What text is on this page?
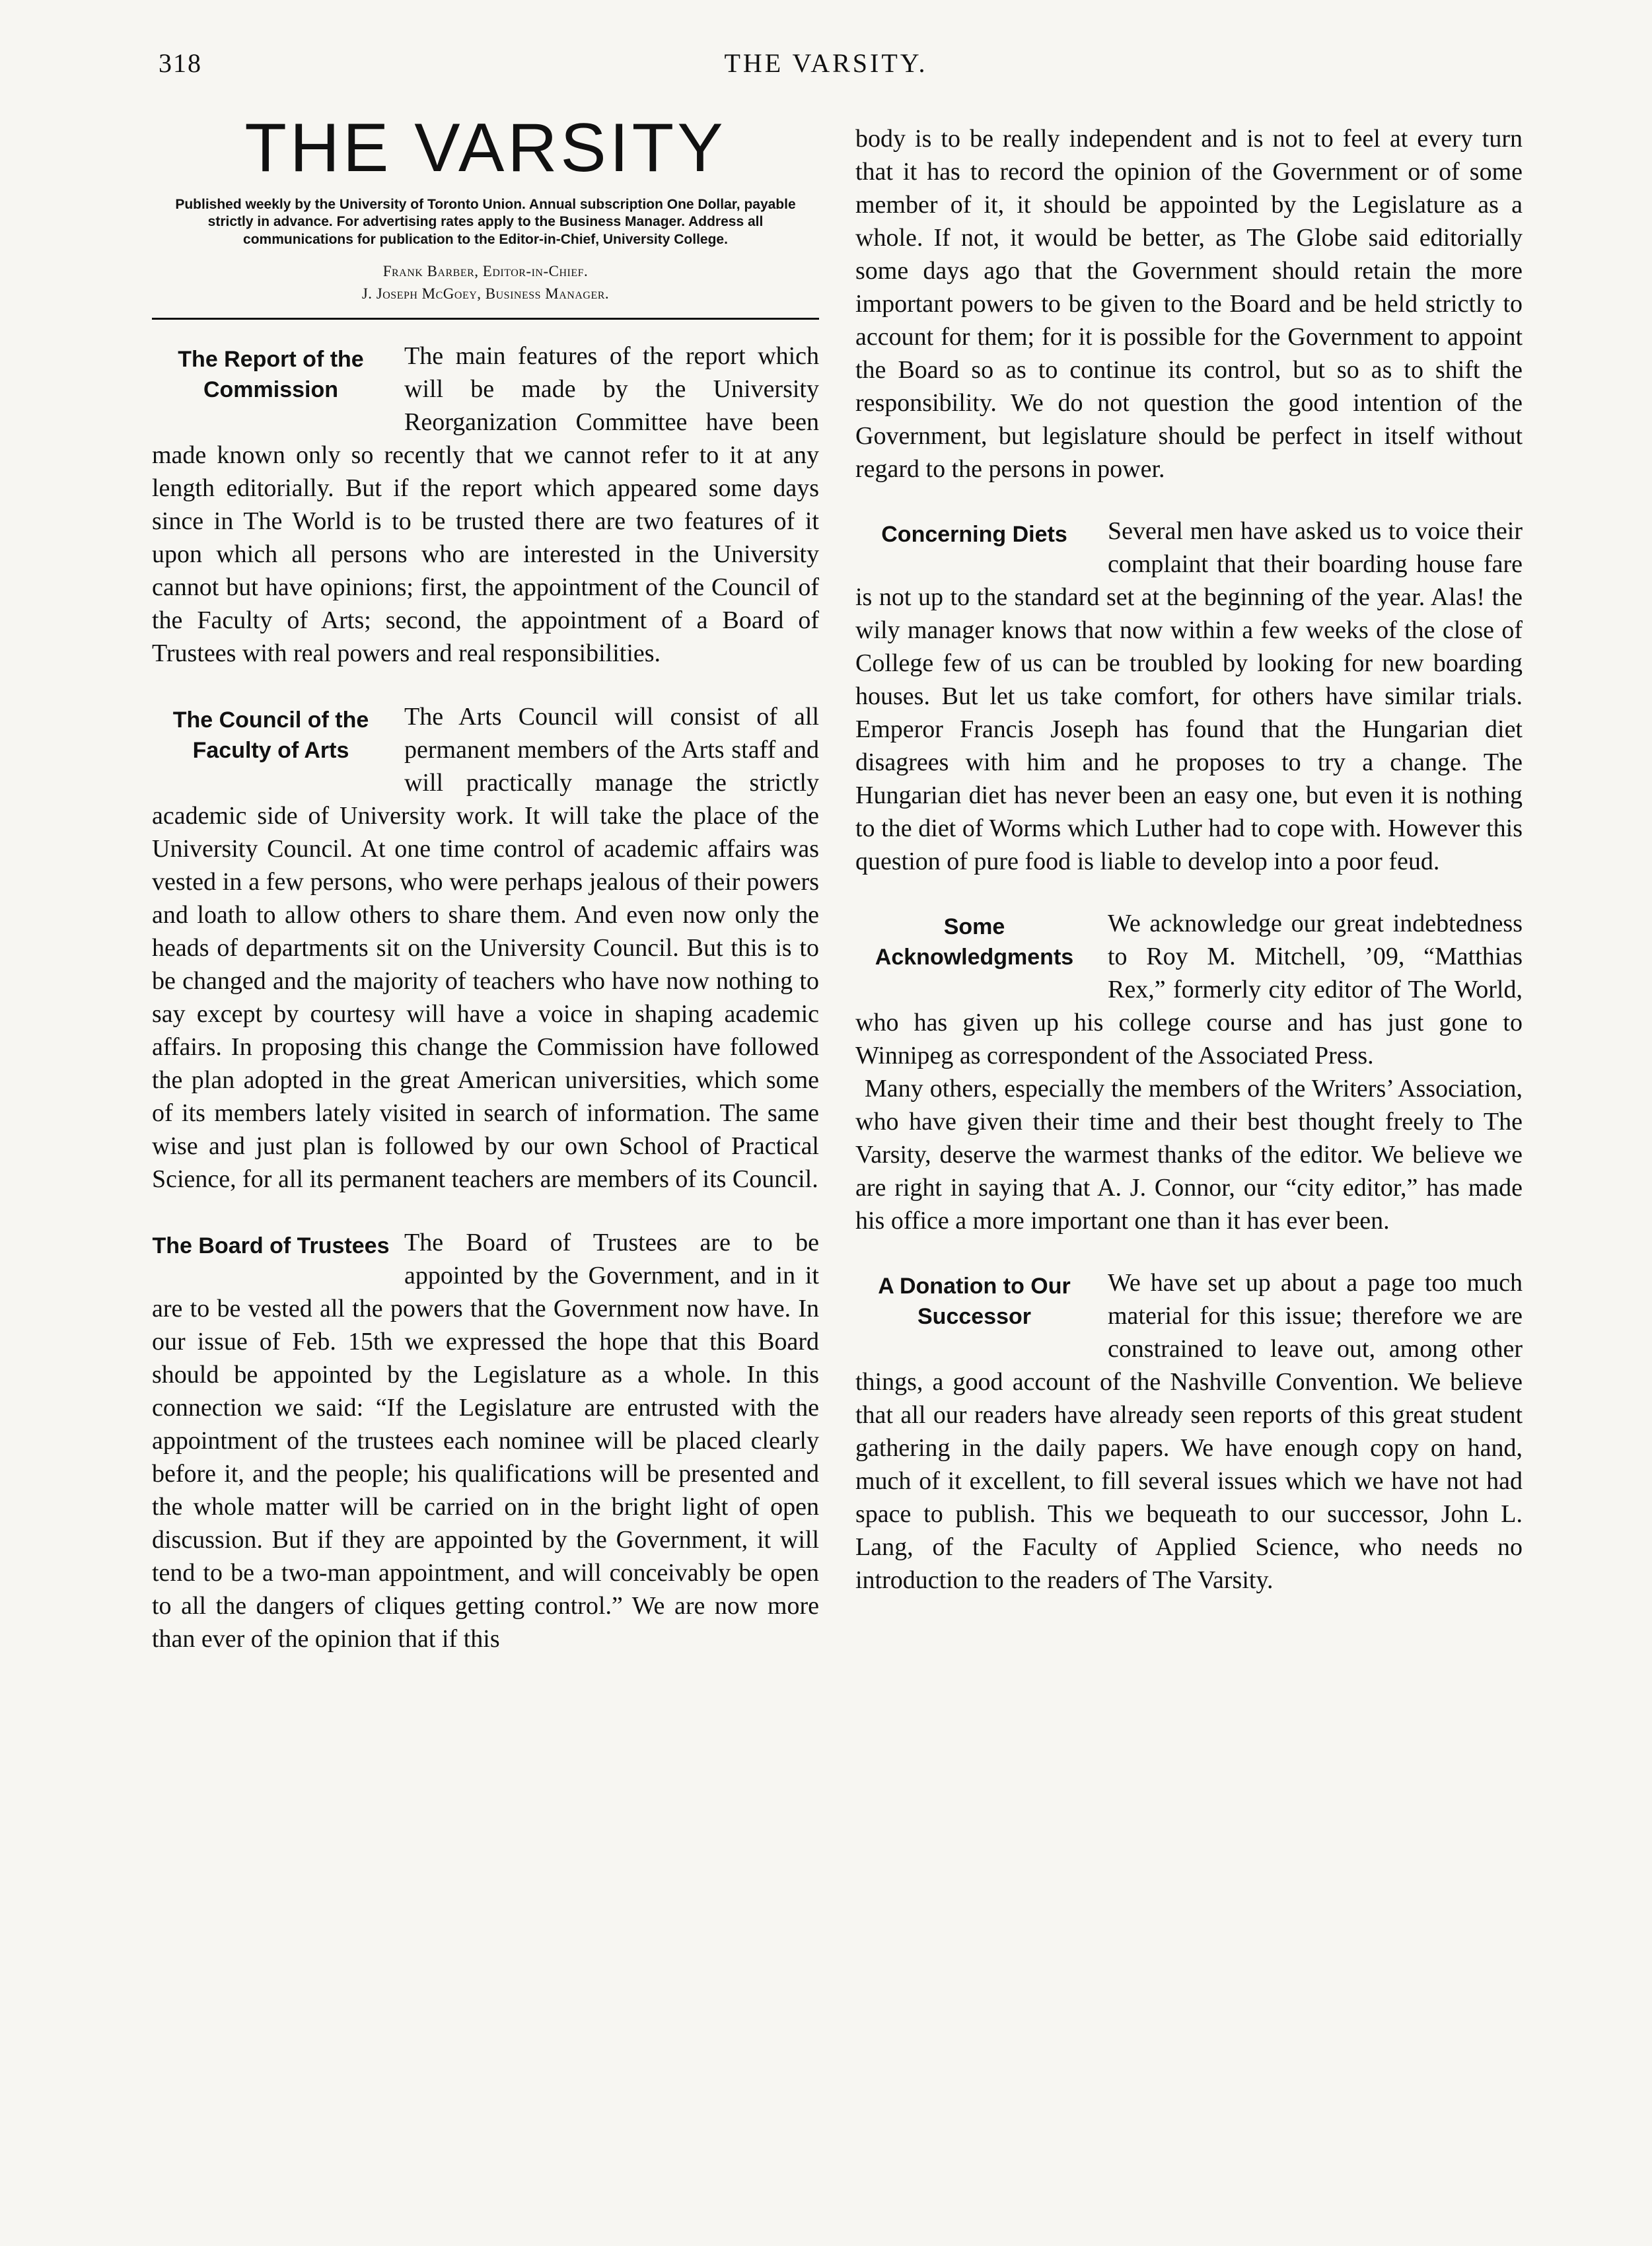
318	THE VARSITY.
THE VARSITY
Published weekly by the University of Toronto Union. Annual subscription One Dollar, payable strictly in advance. For advertising rates apply to the Business Manager. Address all communications for publication to the Editor-in-Chief, University College.
Frank Barber, Editor-in-Chief.
J. Joseph McGoey, Business Manager.
The Report of the Commission

The main features of the report which will be made by the University Reorganization Committee have been made known only so recently that we cannot refer to it at any length editorially. But if the report which appeared some days since in The World is to be trusted there are two features of it upon which all persons who are interested in the University cannot but have opinions; first, the appointment of the Council of the Faculty of Arts; second, the appointment of a Board of Trustees with real powers and real responsibilities.

The Council of the Faculty of Arts

The Arts Council will consist of all permanent members of the Arts staff and will practically manage the strictly academic side of University work. It will take the place of the University Council. At one time control of academic affairs was vested in a few persons, who were perhaps jealous of their powers and loath to allow others to share them. And even now only the heads of departments sit on the University Council. But this is to be changed and the majority of teachers who have now nothing to say except by courtesy will have a voice in shaping academic affairs. In proposing this change the Commission have followed the plan adopted in the great American universities, which some of its members lately visited in search of information. The same wise and just plan is followed by our own School of Practical Science, for all its permanent teachers are members of its Council.

The Board of Trustees The Board of Trustees are to be appointed by the Government, and in it are to be vested all the powers that the Government now have. In our issue of Feb. 15th we expressed the hope that this Board should be appointed by the Legislature as a whole. In this connection we said: “If the Legislature are entrusted with the appointment of the trustees each nominee will be placed clearly before it, and the people; his qualifications will be presented and the whole matter will be carried on in the bright light of open discussion. But if they are appointed by the Government, it will tend to be a two-man appointment, and will conceivably be open to all the dangers of cliques getting control.” We are now more than ever of the opinion that if this

body is to be really independent and is not to feel at every turn that it has to record the opinion of the Government or of some member of it, it should be appointed by the Legislature as a whole. If not, it would be better, as The Globe said editorially some days ago that the Government should retain the more important powers to be given to the Board and be held strictly to account for them; for it is possible for the Government to appoint the Board so as to continue its control, but so as to shift the responsibility. We do not question the good intention of the Government, but legislature should be perfect in itself without regard to the persons in power.

Concerning Diets	Several men have asked us to voice their complaint that their boarding house fare is not up to the standard set at the beginning of the year. Alas! the wily manager knows that now within a few weeks of the close of College few of us can be troubled by looking for new boarding houses. But let us take comfort, for others have similar trials. Emperor Francis Joseph has found that the Hungarian diet disagrees with him and he proposes to try a change. The Hungarian diet has never been an easy one, but even it is nothing to the diet of Worms which Luther had to cope with. However this question of pure food is liable to develop into a poor feud.

Some Acknowledgments

We acknowledge our great indebtedness to Roy M. Mitchell, ’09, “Matthias Rex,” formerly city editor of The World, who has given up his college course and has just gone to Winnipeg as correspondent of the Associated Press.

Many others, especially the members of the Writers’ Association, who have given their time and their best thought freely to The Varsity, deserve the warmest thanks of the editor. We believe we are right in saying that A. J. Connor, our “city editor,” has made his office a more important one than it has ever been.

A Donation to Our Successor

We have set up about a page too much material for this issue; therefore we are constrained to leave out, among other things, a good account of the Nashville Convention. We believe that all our readers have already seen reports of this great student gathering in the daily papers. We have enough copy on hand, much of it excellent, to fill several issues which we have not had space to publish. This we bequeath to our successor, John L. Lang, of the Faculty of Applied Science, who needs no introduction to the readers of The Varsity.
